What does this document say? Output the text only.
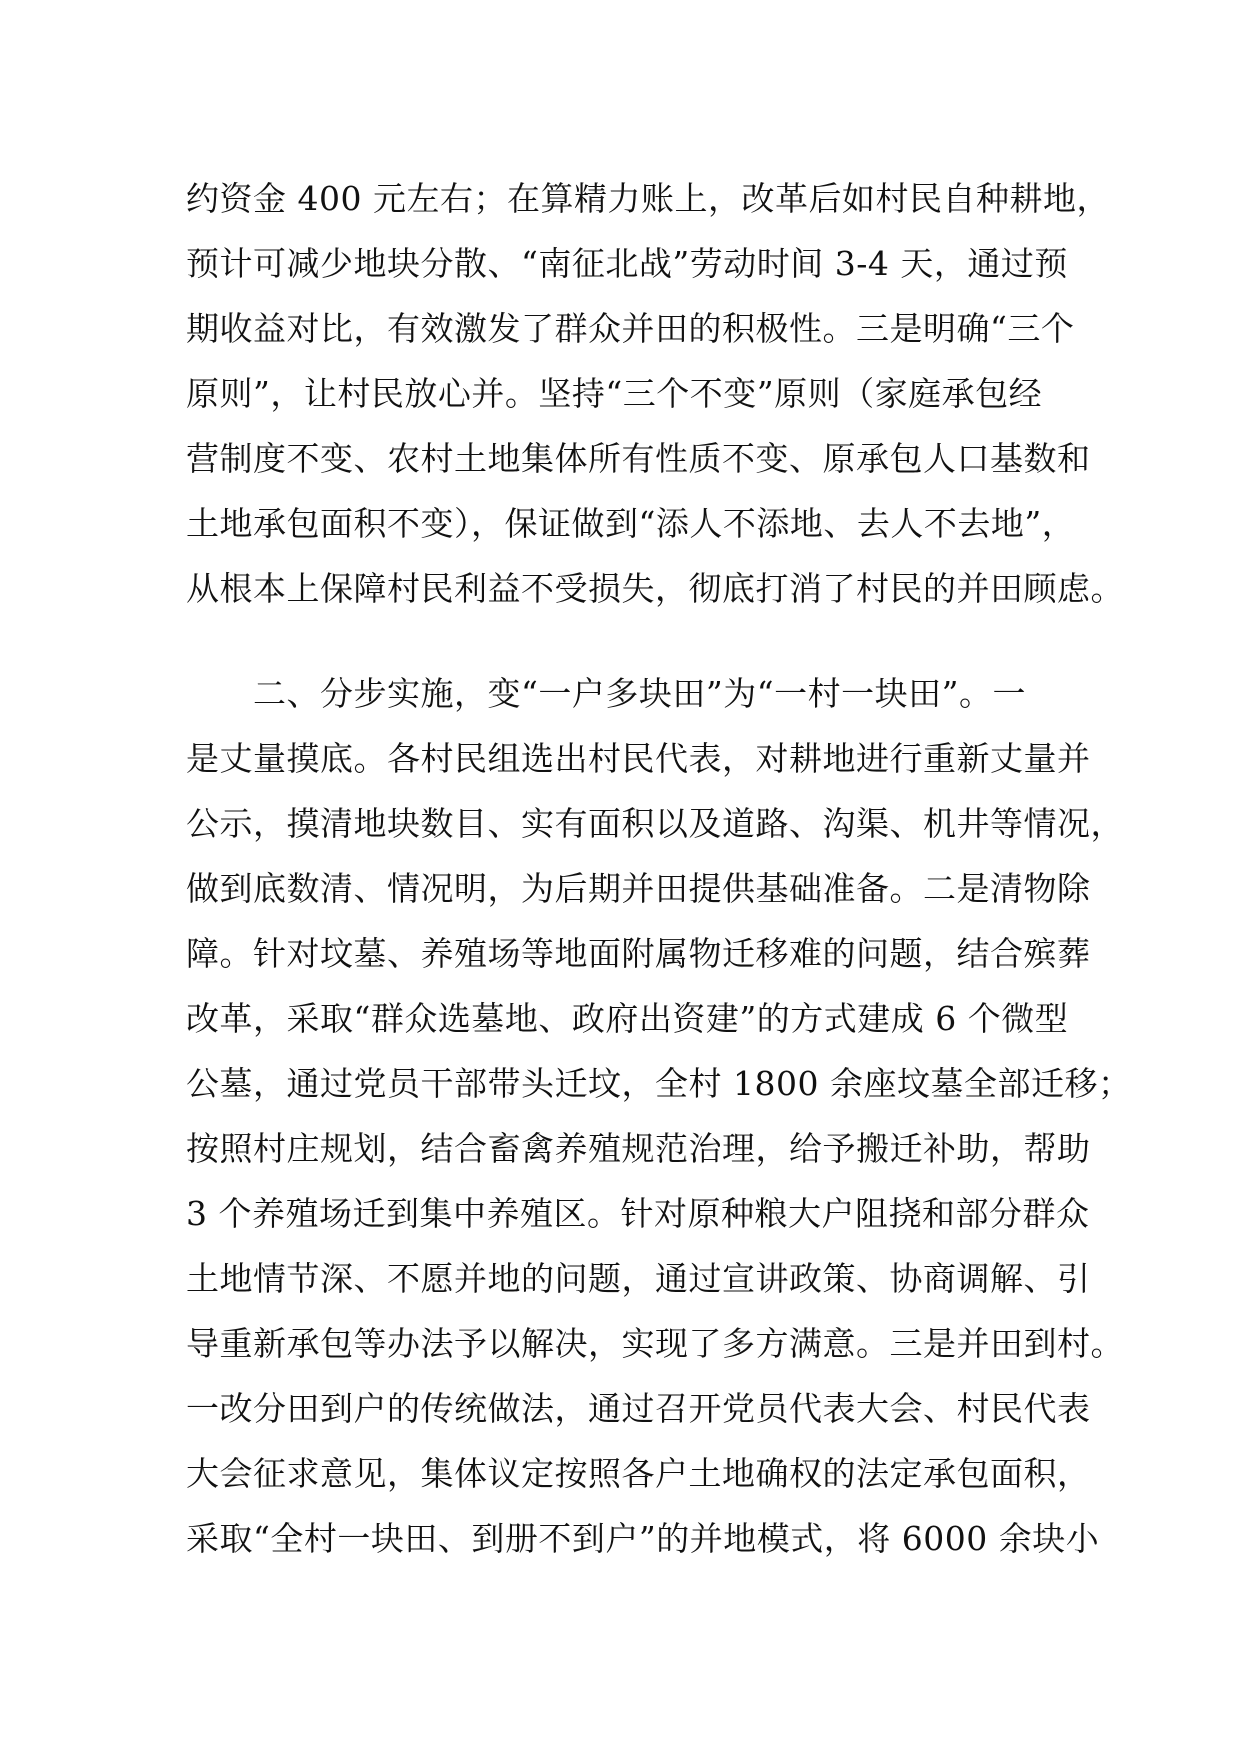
约资金 400 元左右；在算精力账上，改革后如村民自种耕地，
预计可减少地块分散、“南征北战”劳动时间 3-4 天，通过预
期收益对比，有效激发了群众并田的积极性。三是明确“三个
原则”，让村民放心并。坚持“三个不变”原则（家庭承包经
营制度不变、农村土地集体所有性质不变、原承包人口基数和
土地承包面积不变），保证做到“添人不添地、去人不去地”，
从根本上保障村民利益不受损失，彻底打消了村民的并田顾虑。
　　二、分步实施，变“一户多块田”为“一村一块田”。一
是丈量摸底。各村民组选出村民代表，对耕地进行重新丈量并
公示，摸清地块数目、实有面积以及道路、沟渠、机井等情况，
做到底数清、情况明，为后期并田提供基础准备。二是清物除
障。针对坟墓、养殖场等地面附属物迁移难的问题，结合殡葬
改革，采取“群众选墓地、政府出资建”的方式建成 6 个微型
公墓，通过党员干部带头迁坟，全村 1800 余座坟墓全部迁移；
按照村庄规划，结合畜禽养殖规范治理，给予搬迁补助，帮助
3 个养殖场迁到集中养殖区。针对原种粮大户阻挠和部分群众
土地情节深、不愿并地的问题，通过宣讲政策、协商调解、引
导重新承包等办法予以解决，实现了多方满意。三是并田到村。
一改分田到户的传统做法，通过召开党员代表大会、村民代表
大会征求意见，集体议定按照各户土地确权的法定承包面积，
采取“全村一块田、到册不到户”的并地模式，将 6000 余块小
